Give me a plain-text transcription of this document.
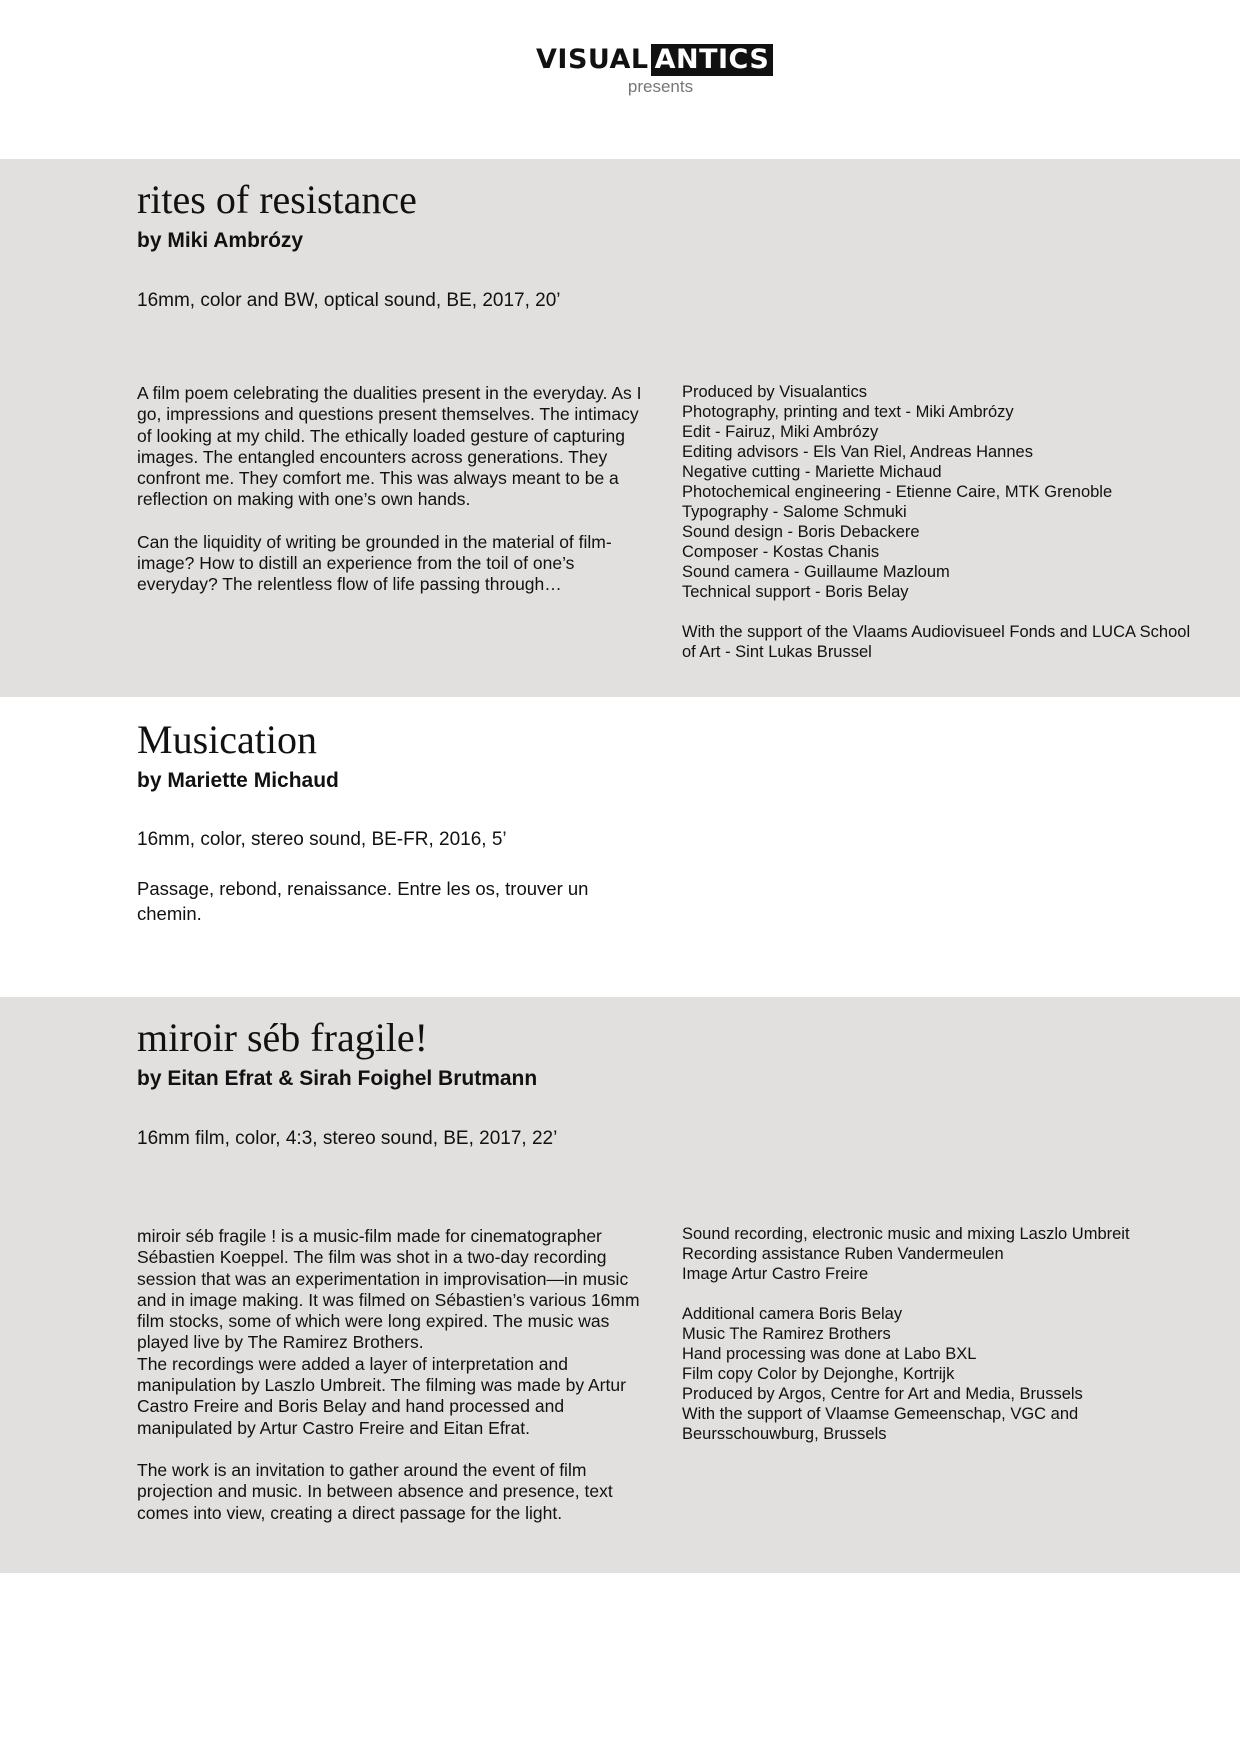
VISUAL ANTICS
presents
rites of resistance
by Miki Ambrózy
16mm, color and BW, optical sound, BE, 2017, 20’

A film poem celebrating the dualities present in the everyday. As I go, impressions and questions present themselves. The intimacy of looking at my child. The ethically loaded gesture of capturing images. The entangled encounters across generations. They confront me. They comfort me. This was always meant to be a reflection on making with one’s own hands.

Can the liquidity of writing be grounded in the material of film-image? How to distill an experience from the toil of one’s everyday? The relentless flow of life passing through…

Produced by Visualantics
Photography, printing and text - Miki Ambrózy
Edit - Fairuz, Miki Ambrózy
Editing advisors - Els Van Riel, Andreas Hannes
Negative cutting - Mariette Michaud
Photochemical engineering - Etienne Caire, MTK Grenoble
Typography - Salome Schmuki
Sound design - Boris Debackere
Composer - Kostas Chanis
Sound camera - Guillaume Mazloum
Technical support - Boris Belay
With the support of the Vlaams Audiovisueel Fonds and LUCA School of Art - Sint Lukas Brussel
Musication
by Mariette Michaud
16mm, color, stereo sound, BE-FR, 2016, 5’

Passage, rebond, renaissance. Entre les os, trouver un chemin.

miroir séb fragile!
by Eitan Efrat & Sirah Foighel Brutmann
16mm film, color, 4:3, stereo sound, BE, 2017, 22’

miroir séb fragile ! is a music-film made for cinematographer Sébastien Koeppel. The film was shot in a two-day recording session that was an experimentation in improvisation—in music and in image making. It was filmed on Sébastien’s various 16mm film stocks, some of which were long expired. The music was played live by The Ramirez Brothers.

The recordings were added a layer of interpretation and manipulation by Laszlo Umbreit. The filming was made by Artur Castro Freire and Boris Belay and hand processed and manipulated by Artur Castro Freire and Eitan Efrat.

The work is an invitation to gather around the event of film projection and music. In between absence and presence, text comes into view, creating a direct passage for the light.

Sound recording, electronic music and mixing Laszlo Umbreit
Recording assistance Ruben Vandermeulen
Image Artur Castro Freire
Additional camera Boris Belay
Music The Ramirez Brothers
Hand processing was done at Labo BXL
Film copy Color by Dejonghe, Kortrijk
Produced by Argos, Centre for Art and Media, Brussels
With the support of Vlaamse Gemeenschap, VGC and Beursschouwburg, Brussels
